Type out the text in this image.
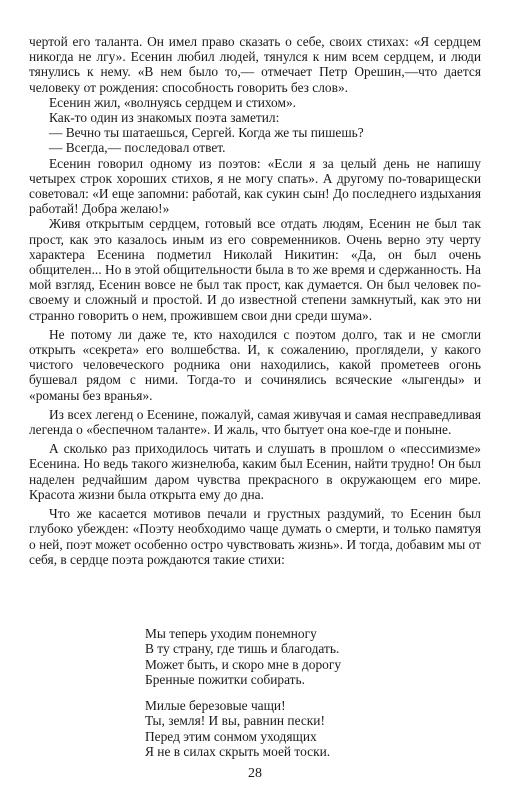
чертой его таланта. Он имел право сказать о себе, своих стихах: «Я сердцем никогда не лгу». Есенин любил людей, тянулся к ним всем сердцем, и люди тянулись к нему. «В нем было то,— отмечает Петр Орешин,—что дается человеку от рождения: способность говорить без слов».

Есенин жил, «волнуясь сердцем и стихом».

Как-то один из знакомых поэта заметил:

— Вечно ты шатаешься, Сергей. Когда же ты пишешь?

— Всегда,— последовал ответ.

Есенин говорил одному из поэтов: «Если я за целый день не напишу четырех строк хороших стихов, я не могу спать». А другому по-товарищески советовал: «И еще запомни: работай, как сукин сын! До последнего издыхания работай! Добра желаю!»

Живя открытым сердцем, готовый все отдать людям, Есенин не был так прост, как это казалось иным из его современников. Очень верно эту черту характера Есенина подметил Николай Никитин: «Да, он был очень общителен... Но в этой общительности была в то же время и сдержанность. На мой взгляд, Есенин вовсе не был так прост, как думается. Он был человек по-своему и сложный и простой. И до известной степени замкнутый, как это ни странно говорить о нем, прожившем свои дни среди шума».

Не потому ли даже те, кто находился с поэтом долго, так и не смогли открыть «секрета» его волшебства. И, к сожалению, проглядели, у какого чистого человеческого родника они находились, какой прометеев огонь бушевал рядом с ними. Тогда-то и сочинялись всяческие «лыгенды» и «романы без вранья».

Из всех легенд о Есенине, пожалуй, самая живучая и самая несправедливая легенда о «беспечном таланте». И жаль, что бытует она кое-где и поныне.

А сколько раз приходилось читать и слушать в прошлом о «пессимизме» Есенина. Но ведь такого жизнелюба, каким был Есенин, найти трудно! Он был наделен редчайшим даром чувства прекрасного в окружающем его мире. Красота жизни была открыта ему до дна.

Что же касается мотивов печали и грустных раздумий, то Есенин был глубоко убежден: «Поэту необходимо чаще думать о смерти, и только памятуя о ней, поэт может особенно остро чувствовать жизнь». И тогда, добавим мы от себя, в сердце поэта рождаются такие стихи:

Мы теперь уходим понемногу
В ту страну, где тишь и благодать.
Может быть, и скоро мне в дорогу
Бренные пожитки собирать.
Милые березовые чащи!
Ты, земля! И вы, равнин пески!
Перед этим сонмом уходящих
Я не в силах скрыть моей тоски.
28
